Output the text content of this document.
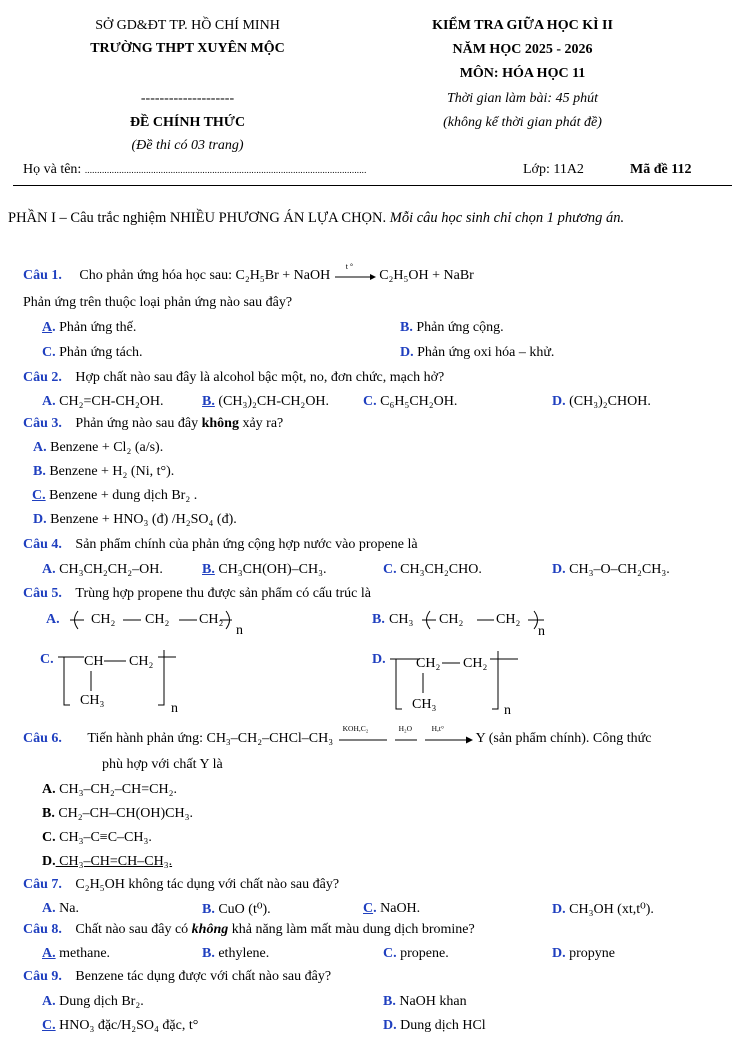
SỞ GD&ĐT TP. HỒ CHÍ MINH
TRƯỜNG THPT XUYÊN MỘC
--------------------
ĐỀ CHÍNH THỨC
(Đề thi có 03 trang)
KIỂM TRA GIỮA HỌC KÌ II
NĂM HỌC 2025 - 2026
MÔN: HÓA HỌC 11
Thời gian làm bài: 45 phút
(không kể thời gian phát đề)
Họ và tên: ...................................................................................................................	Lớp: 11A2	Mã đề 112
PHẦN I – Câu trắc nghiệm NHIỀU PHƯƠNG ÁN LỰA CHỌN. Mỗi câu học sinh chỉ chọn 1 phương án.
Câu 1. Cho phản ứng hóa học sau: C₂H₅Br + NaOH
t °
C₂H₅OH + NaBr
Phản ứng trên thuộc loại phản ứng nào sau đây?
A. Phản ứng thế.	B. Phản ứng cộng.
C. Phản ứng tách.	D. Phản ứng oxi hóa – khử.
Câu 2. Hợp chất nào sau đây là alcohol bậc một, no, đơn chức, mạch hở?
A. CH₂=CH-CH₂OH.	B. (CH₃)₂CH-CH₂OH. C. C₆H₅CH₂OH.	D. (CH₃)₂CHOH.
Câu 3. Phản ứng nào sau đây không xảy ra?
A. Benzene + Cl₂ (a/s).
B. Benzene + H₂ (Ni, t°).
C. Benzene + dung dịch Br₂ .
D. Benzene + HNO₃ (đ) /H₂SO₄ (đ).
Câu 4. Sản phẩm chính của phản ứng cộng hợp nước vào propene là
A. CH₃CH₂CH₂–OH.	B. CH₃CH(OH)–CH₃.	C. CH₃CH₂CHO.	D. CH₃–O–CH₂CH₃.
Câu 5. Trùng hợp propene thu được sản phẩm có cấu trúc là
A. CH₂ CH₂ CH₂
n
B. CH₃ CH₂ CH₂
n
C. CH CH₂
CH₃
n
D. CH₂ CH₂
CH₃	n
Câu 6. Tiến hành phản ứng: CH₃–CH₂–CHCl–CH₃
KOH,C₂	H₂O	H,t°
Y (sản phẩm chính). Công thức
phù hợp với chất Y là
A. CH₃–CH₂–CH=CH₂.
B. CH₂–CH–CH(OH)CH₃.
C. CH₃–C≡C–CH₃.
D. CH₃–CH=CH–CH₃.
Câu 7. C₂H₅OH không tác dụng với chất nào sau đây?
A. Na.	B. CuO (t⁰).	C. NaOH.	D. CH₃OH (xt,t⁰).
Câu 8. Chất nào sau đây có không khả năng làm mất màu dung dịch bromine?
A. methane.	B. ethylene.	C. propene.	D. propyne
Câu 9. Benzene tác dụng được với chất nào sau đây?
A. Dung dịch Br₂.	B. NaOH khan
C. HNO₃ đặc/H₂SO₄ đặc, t°	D. Dung dịch HCl
